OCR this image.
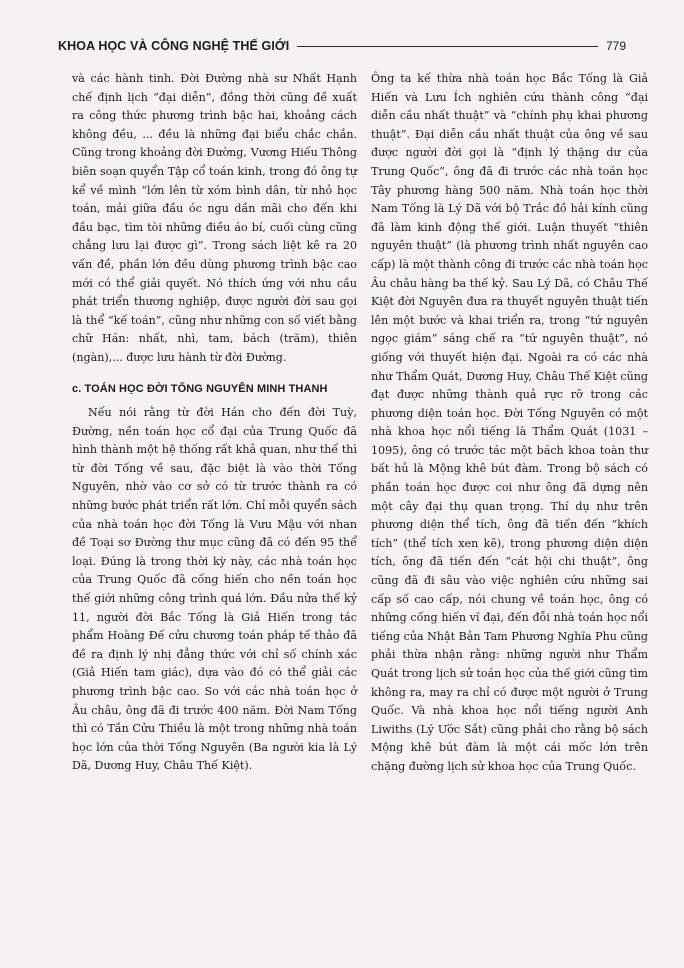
KHOA HỌC VÀ CÔNG NGHỆ THẾ GIỚI	779

và các hành tinh. Đời Đường nhà sư Nhất Hạnh chế định lịch “đại diễn”, đồng thời cũng đề xuất ra công thức phương trình bậc hai, khoảng cách không đều, ... đều là những đại biểu chắc chắn. Cũng trong khoảng đời Đường, Vương Hiếu Thông biên soạn quyển Tập cổ toán kinh, trong đó ông tự kể về mình “lớn lên từ xóm bình dân, từ nhỏ học toán, mải giữa đầu óc ngu dần mãi cho đến khi đầu bạc, tìm tòi những điều áo bí, cuối cùng cũng chẳng lưu lại được gì”. Trong sách liệt kê ra 20 vấn đề, phần lớn đều dùng phương trình bậc cao mới có thể giải quyết. Nó thích ứng với nhu cầu phát triển thương nghiệp, được người đời sau gọi là thể “kế toán”, cũng như những con số viết bằng chữ Hán: nhất, nhì, tam, bách (trăm), thiên (ngàn),... được lưu hành từ đời Đường.

c. TOÁN HỌC ĐỜI TỐNG NGUYÊN MINH THANH

Nếu nói rằng từ đời Hán cho đến đời Tuỳ, Đường, nền toán học cổ đại của Trung Quốc đã hình thành một hệ thống rất khả quan, như thế thì từ đời Tống về sau, đặc biệt là vào thời Tống Nguyên, nhờ vào cơ sở có từ trước thành ra có những bước phát triển rất lớn. Chỉ mỗi quyển sách của nhà toán học đời Tống là Vưu Mậu với nhan đề Toại sơ Đường thư mục cũng đã có đến 95 thể loại. Đúng là trong thời kỳ này, các nhà toán học của Trung Quốc đã cống hiến cho nền toán học thế giới những công trình quá lớn. Đầu nửa thế kỷ 11, người đời Bắc Tống là Giả Hiến trong tác phẩm Hoàng Đế cửu chương toán pháp tế thảo đã đề ra định lý nhị đẳng thức với chỉ số chính xác (Giả Hiến tam giác), dựa vào đó có thể giải các phương trình bậc cao. So với các nhà toán học ở Âu châu, ông đã đi trước 400 năm. Đời Nam Tống thì có Tần Cửu Thiều là một trong những nhà toán học lớn của thời Tống Nguyên (Ba người kia là Lý Dã, Dương Huy, Châu Thế Kiệt).

Ông ta kế thừa nhà toán học Bắc Tống là Giả Hiến và Lưu Ích nghiên cứu thành công “đại diễn cầu nhất thuật” và “chính phụ khai phương thuật”. Đại diễn cầu nhất thuật của ông về sau được người đời gọi là “định lý thặng dư của Trung Quốc”, ông đã đi trước các nhà toán học Tây phương hàng 500 năm. Nhà toán học thời Nam Tống là Lý Dã với bộ Trắc đồ hải kính cũng đã làm kinh động thế giới. Luận thuyết “thiên nguyên thuật” (là phương trình nhất nguyên cao cấp) là một thành công đi trước các nhà toán học Âu châu hàng ba thế kỷ. Sau Lý Dã, có Châu Thế Kiệt đời Nguyên đưa ra thuyết nguyên thuật tiến lên một bước và khai triển ra, trong “tứ nguyên ngọc giám” sáng chế ra “tứ nguyên thuật”, nó giống với thuyết hiện đại. Ngoài ra có các nhà như Thẩm Quát, Dương Huy, Châu Thế Kiệt cũng đạt được những thành quả rực rỡ trong các phương diện toán học. Đời Tống Nguyên có một nhà khoa học nổi tiếng là Thẩm Quát (1031 – 1095), ông có trước tác một bách khoa toàn thư bất hủ là Mộng khê bút đàm. Trong bộ sách có phần toán học được coi như ông đã dựng nên một cây đại thụ quan trọng. Thí dụ như trên phương diện thể tích, ông đã tiến đến “khích tích” (thể tích xen kẽ), trong phương diện diện tích, ông đã tiến đến “cát hội chi thuật”, ông cũng đã đi sâu vào việc nghiên cứu những sai cấp số cao cấp, nói chung về toán học, ông có những cống hiến vĩ đại, đến đỗi nhà toán học nổi tiếng của Nhật Bản Tam Phương Nghĩa Phu cũng phải thừa nhận rằng: những người như Thẩm Quát trong lịch sử toán học của thế giới cũng tìm không ra, may ra chỉ có được một người ở Trung Quốc. Và nhà khoa học nổi tiếng người Anh Liwiths (Lý Ước Sắt) cũng phải cho rằng bộ sách Mộng khê bút đàm là một cái mốc lớn trên chặng đường lịch sử khoa học của Trung Quốc.
